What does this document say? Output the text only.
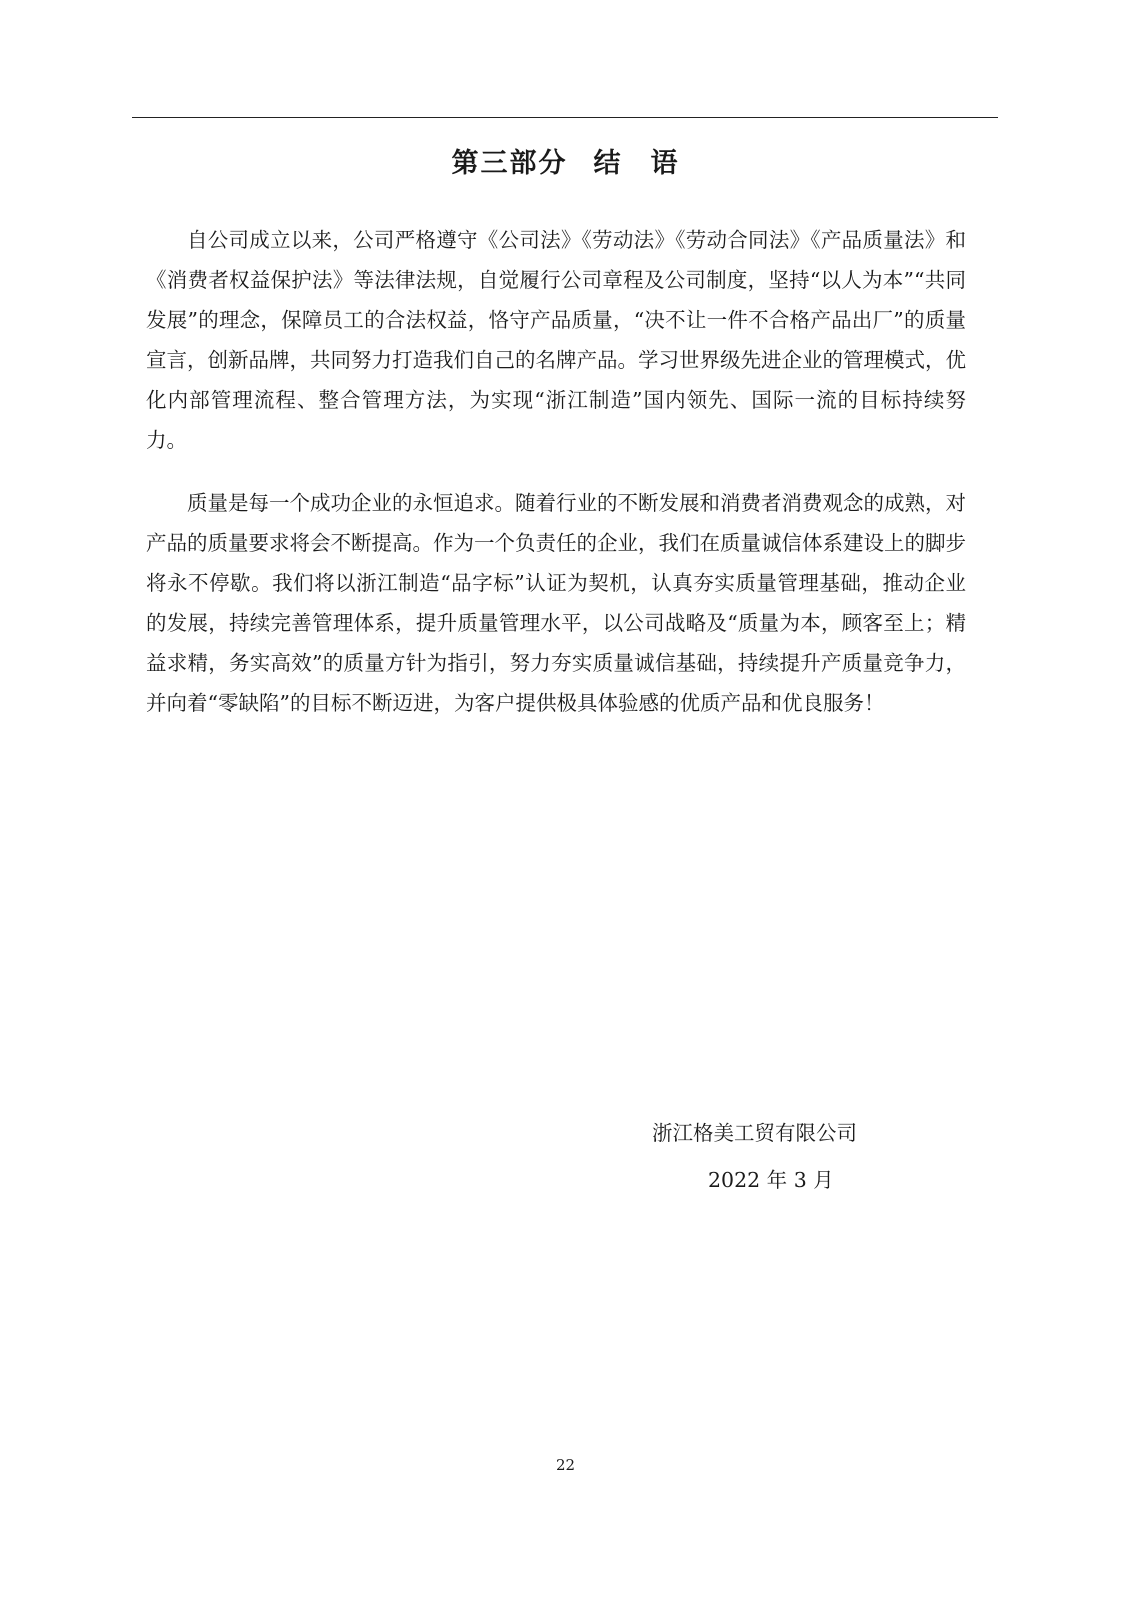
第三部分 结 语

自公司成立以来，公司严格遵守《公司法》《劳动法》《劳动合同法》《产品质量法》和《消费者权益保护法》等法律法规，自觉履行公司章程及公司制度，坚持“以人为本”“共同发展”的理念，保障员工的合法权益，恪守产品质量，“决不让一件不合格产品出厂”的质量宣言，创新品牌，共同努力打造我们自己的名牌产品。学习世界级先进企业的管理模式，优化内部管理流程、整合管理方法，为实现“浙江制造”国内领先、国际一流的目标持续努力。

质量是每一个成功企业的永恒追求。随着行业的不断发展和消费者消费观念的成熟，对产品的质量要求将会不断提高。作为一个负责任的企业，我们在质量诚信体系建设上的脚步将永不停歇。我们将以浙江制造“品字标”认证为契机，认真夯实质量管理基础，推动企业的发展，持续完善管理体系，提升质量管理水平，以公司战略及“质量为本，顾客至上；精益求精，务实高效”的质量方针为指引，努力夯实质量诚信基础，持续提升产质量竞争力，并向着“零缺陷”的目标不断迈进，为客户提供极具体验感的优质产品和优良服务！

浙江格美工贸有限公司
2022 年 3 月
22
